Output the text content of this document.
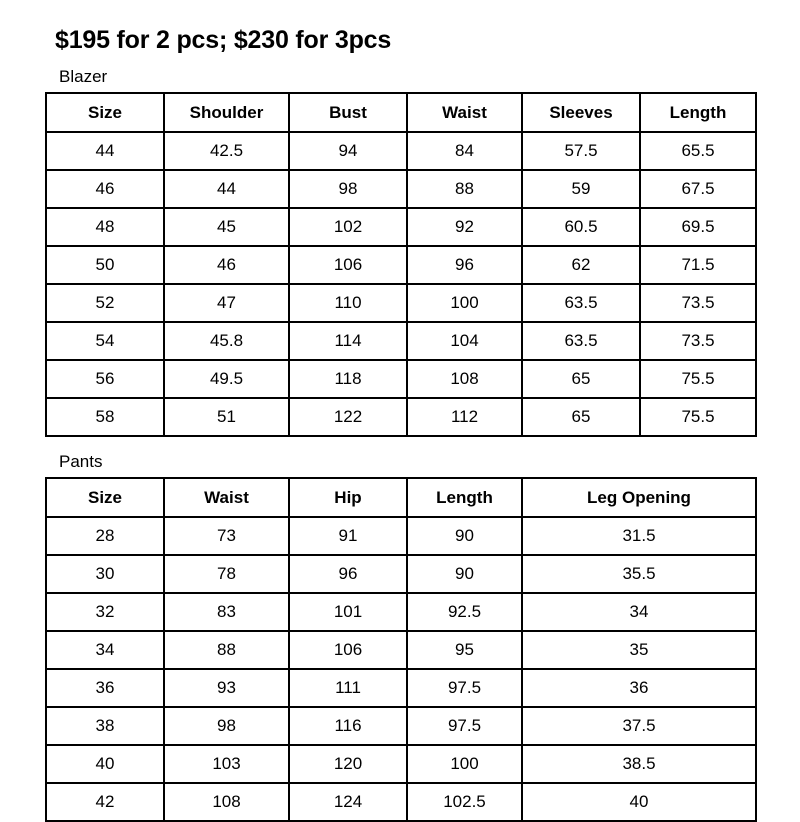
$195 for 2 pcs; $230 for 3pcs
Blazer
Size	Shoulder	Bust	Waist	Sleeves	Length
44	42.5	94	84	57.5	65.5
46	44	98	88	59	67.5
48	45	102	92	60.5	69.5
50	46	106	96	62	71.5
52	47	110	100	63.5	73.5
54	45.8	114	104	63.5	73.5
56	49.5	118	108	65	75.5
58	51	122	112	65	75.5
Pants
Size	Waist	Hip	Length	Leg Opening
28	73	91	90	31.5
30	78	96	90	35.5
32	83	101	92.5	34
34	88	106	95	35
36	93	111	97.5	36
38	98	116	97.5	37.5
40	103	120	100	38.5
42	108	124	102.5	40
